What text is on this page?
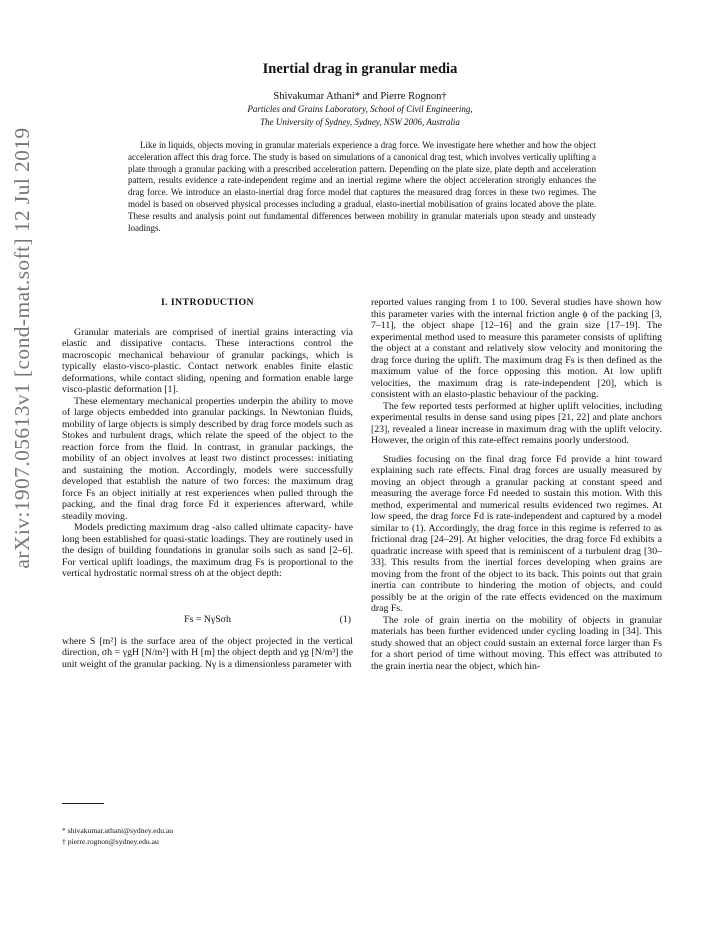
arXiv:1907.05613v1 [cond-mat.soft] 12 Jul 2019
Inertial drag in granular media
Shivakumar Athani* and Pierre Rognon†
Particles and Grains Laboratory, School of Civil Engineering,
The University of Sydney, Sydney, NSW 2006, Australia

Like in liquids, objects moving in granular materials experience a drag force. We investigate here whether and how the object acceleration affect this drag force. The study is based on simulations of a canonical drag test, which involves vertically uplifting a plate through a granular packing with a prescribed acceleration pattern. Depending on the plate size, plate depth and acceleration pattern, results evidence a rate-independent regime and an inertial regime where the object acceleration strongly enhances the drag force. We introduce an elasto-inertial drag force model that captures the measured drag forces in these two regimes. The model is based on observed physical processes including a gradual, elasto-inertial mobilisation of grains located above the plate. These results and analysis point out fundamental differences between mobility in granular materials upon steady and unsteady loadings.

I. INTRODUCTION

Granular materials are comprised of inertial grains interacting via elastic and dissipative contacts. These interactions control the macroscopic mechanical behaviour of granular packings, which is typically elasto-visco-plastic. Contact network enables finite elastic deformations, while contact sliding, opening and formation enable large visco-plastic deformation [1].

These elementary mechanical properties underpin the ability to move of large objects embedded into granular packings. In Newtonian fluids, mobility of large objects is simply described by drag force models such as Stokes and turbulent drags, which relate the speed of the object to the reaction force from the fluid. In contrast, in granular packings, the mobility of an object involves at least two distinct processes: initiating and sustaining the motion. Accordingly, models were successfully developed that establish the nature of two forces: the maximum drag force Fs an object initially at rest experiences when pulled through the packing, and the final drag force Fd it experiences afterward, while steadily moving.

Models predicting maximum drag -also called ultimate capacity- have long been established for quasi-static loadings. They are routinely used in the design of building foundations in granular soils such as sand [2–6]. For vertical uplift loadings, the maximum drag Fs is proportional to the vertical hydrostatic normal stress σh at the object depth:

Fs = NγSσh	(1)

where S [m²] is the surface area of the object projected in the vertical direction, σh = γgH [N/m²] with H [m] the object depth and γg [N/m³] the unit weight of the granular packing. Nγ is a dimensionless parameter with

reported values ranging from 1 to 100. Several studies have shown how this parameter varies with the internal friction angle ϕ of the packing [3, 7–11], the object shape [12–16] and the grain size [17–19]. The experimental method used to measure this parameter consists of uplifting the object at a constant and relatively slow velocity and monitoring the drag force during the uplift. The maximum drag Fs is then defined as the maximum value of the force opposing this motion. At low uplift velocities, the maximum drag is rate-independent [20], which is consistent with an elasto-plastic behaviour of the packing.

The few reported tests performed at higher uplift velocities, including experimental results in dense sand using pipes [21, 22] and plate anchors [23], revealed a linear increase in maximum drag with the uplift velocity. However, the origin of this rate-effect remains poorly understood.

Studies focusing on the final drag force Fd provide a hint toward explaining such rate effects. Final drag forces are usually measured by moving an object through a granular packing at constant speed and measuring the average force Fd needed to sustain this motion. With this method, experimental and numerical results evidenced two regimes. At low speed, the drag force Fd is rate-independent and captured by a model similar to (1). Accordingly, the drag force in this regime is referred to as frictional drag [24–29]. At higher velocities, the drag force Fd exhibits a quadratic increase with speed that is reminiscent of a turbulent drag [30–33]. This results from the inertial forces developing when grains are moving from the front of the object to its back. This points out that grain inertia can contribute to hindering the motion of objects, and could possibly be at the origin of the rate effects evidenced on the maximum drag Fs.

The role of grain inertia on the mobility of objects in granular materials has been further evidenced under cycling loading in [34]. This study showed that an object could sustain an external force larger than Fs for a short period of time without moving. This effect was attributed to the grain inertia near the object, which hin-

* shivakumar.athani@sydney.edu.au
† pierre.rognon@sydney.edu.au
